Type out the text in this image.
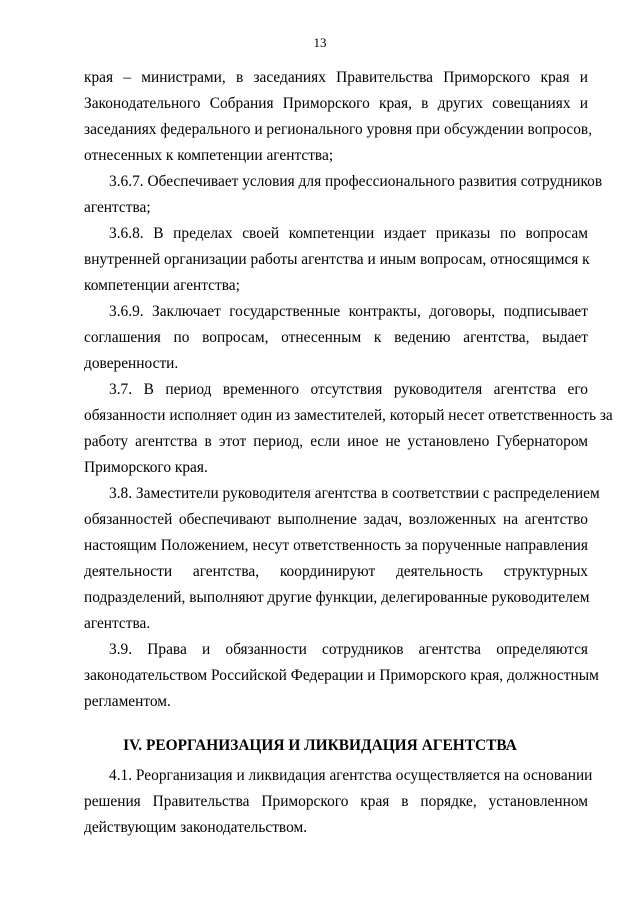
13
края – министрами, в заседаниях Правительства Приморского края и
Законодательного Собрания Приморского края, в других совещаниях и
заседаниях федерального и регионального уровня при обсуждении вопросов,
отнесенных к компетенции агентства;
3.6.7. Обеспечивает условия для профессионального развития сотрудников
агентства;
3.6.8. В пределах своей компетенции издает приказы по вопросам
внутренней организации работы агентства и иным вопросам, относящимся к
компетенции агентства;
3.6.9. Заключает государственные контракты, договоры, подписывает
соглашения по вопросам, отнесенным к ведению агентства, выдает
доверенности.
3.7. В период временного отсутствия руководителя агентства его
обязанности исполняет один из заместителей, который несет ответственность за
работу агентства в этот период, если иное не установлено Губернатором
Приморского края.
3.8. Заместители руководителя агентства в соответствии с распределением
обязанностей обеспечивают выполнение задач, возложенных на агентство
настоящим Положением, несут ответственность за порученные направления
деятельности агентства, координируют деятельность структурных
подразделений, выполняют другие функции, делегированные руководителем
агентства.
3.9. Права и обязанности сотрудников агентства определяются
законодательством Российской Федерации и Приморского края, должностным
регламентом.
IV. РЕОРГАНИЗАЦИЯ И ЛИКВИДАЦИЯ АГЕНТСТВА
4.1. Реорганизация и ликвидация агентства осуществляется на основании
решения Правительства Приморского края в порядке, установленном
действующим законодательством.
